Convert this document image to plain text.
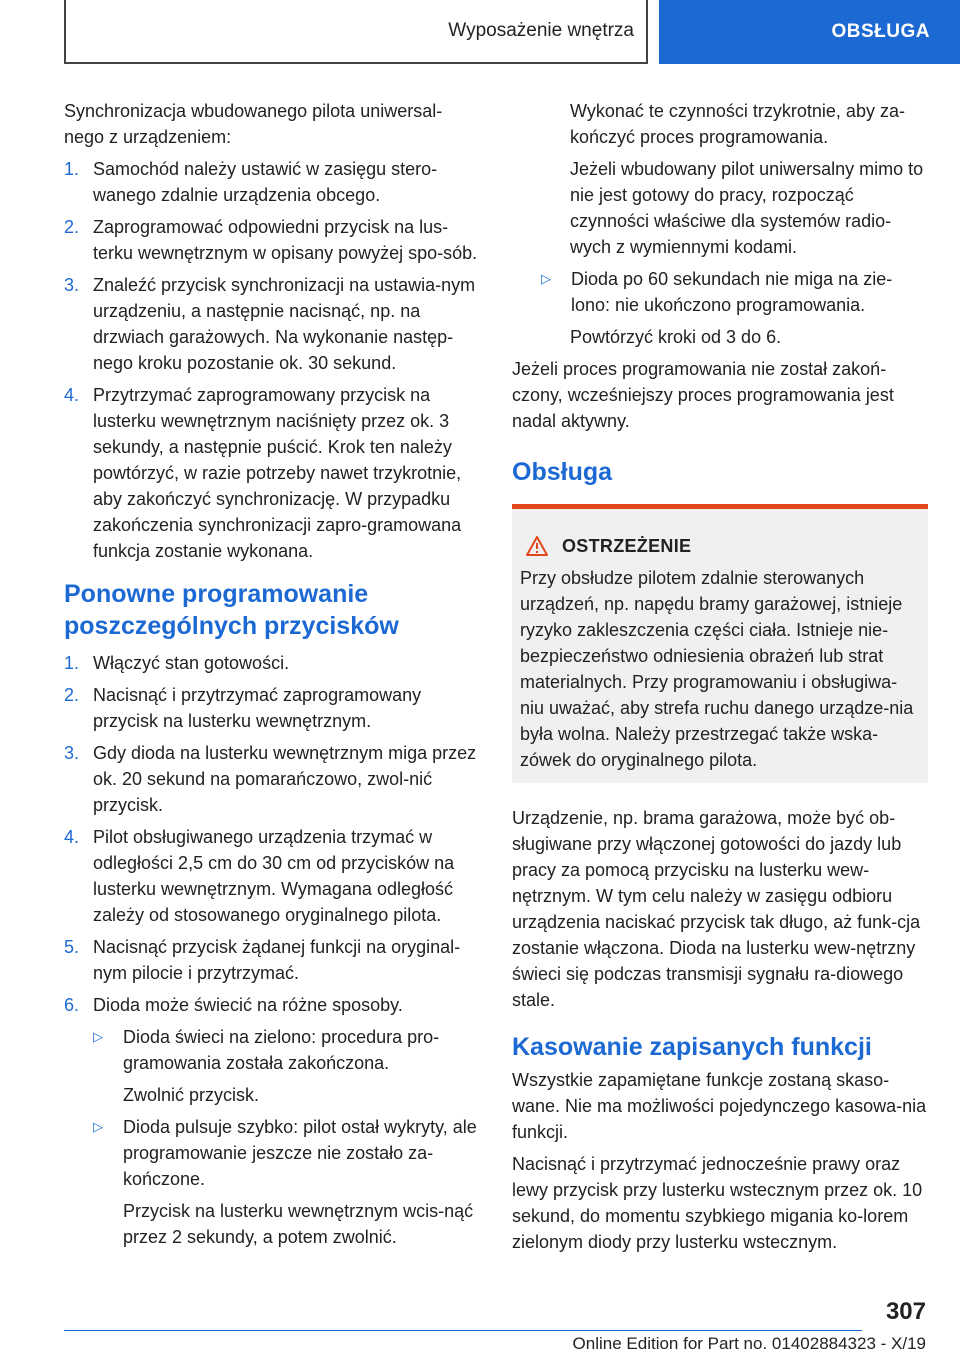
Wyposażenie wnętrza	OBSŁUGA

Synchronizacja wbudowanego pilota uniwersal-nego z urządzeniem:

1. Samochód należy ustawić w zasięgu stero-wanego zdalnie urządzenia obcego.
2. Zaprogramować odpowiedni przycisk na lus-terku wewnętrznym w opisany powyżej spo-sób.
3. Znaleźć przycisk synchronizacji na ustawia-nym urządzeniu, a następnie nacisnąć, np. na drzwiach garażowych. Na wykonanie następ-nego kroku pozostanie ok. 30 sekund.
4. Przytrzymać zaprogramowany przycisk na lusterku wewnętrznym naciśnięty przez ok. 3 sekundy, a następnie puścić. Krok ten należy powtórzyć, w razie potrzeby nawet trzykrotnie, aby zakończyć synchronizację. W przypadku zakończenia synchronizacji zapro-gramowana funkcja zostanie wykonana.
Ponowne programowanie poszczególnych przycisków
1. Włączyć stan gotowości.
2. Nacisnąć i przytrzymać zaprogramowany przycisk na lusterku wewnętrznym.
3. Gdy dioda na lusterku wewnętrznym miga przez ok. 20 sekund na pomarańczowo, zwol-nić przycisk.
4. Pilot obsługiwanego urządzenia trzymać w odległości 2,5 cm do 30 cm od przycisków na lusterku wewnętrznym. Wymagana odległość zależy od stosowanego oryginalnego pilota.
5. Nacisnąć przycisk żądanej funkcji na oryginal-nym pilocie i przytrzymać.
6. Dioda może świecić na różne sposoby.
▷	Dioda świeci na zielono: procedura pro-gramowania została zakończona.

Zwolnić przycisk.

▷	Dioda pulsuje szybko: pilot ostał wykryty, ale programowanie jeszcze nie zostało za-kończone.

Przycisk na lusterku wewnętrznym wcis-nąć przez 2 sekundy, a potem zwolnić.

Wykonać te czynności trzykrotnie, aby za-kończyć proces programowania.

Jeżeli wbudowany pilot uniwersalny mimo to nie jest gotowy do pracy, rozpocząć czynności właściwe dla systemów radio-wych z wymiennymi kodami.

▷	Dioda po 60 sekundach nie miga na zie-lono: nie ukończono programowania.

Powtórzyć kroki od 3 do 6.

Jeżeli proces programowania nie został zakoń-czony, wcześniejszy proces programowania jest nadal aktywny.

Obsługa
OSTRZEŻENIE

Przy obsłudze pilotem zdalnie sterowanych urządzeń, np. napędu bramy garażowej, istnieje ryzyko zakleszczenia części ciała. Istnieje nie-bezpieczeństwo odniesienia obrażeń lub strat materialnych. Przy programowaniu i obsługiwa-niu uważać, aby strefa ruchu danego urządze-nia była wolna. Należy przestrzegać także wska-zówek do oryginalnego pilota.

Urządzenie, np. brama garażowa, może być ob-sługiwane przy włączonej gotowości do jazdy lub pracy za pomocą przycisku na lusterku wew-nętrznym. W tym celu należy w zasięgu odbioru urządzenia naciskać przycisk tak długo, aż funk-cja zostanie włączona. Dioda na lusterku wew-nętrzny świeci się podczas transmisji sygnału ra-diowego stale.

Kasowanie zapisanych funkcji

Wszystkie zapamiętane funkcje zostaną skaso-wane. Nie ma możliwości pojedynczego kasowa-nia funkcji.

Nacisnąć i przytrzymać jednocześnie prawy oraz lewy przycisk przy lusterku wstecznym przez ok. 10 sekund, do momentu szybkiego migania ko-lorem zielonym diody przy lusterku wstecznym.

307
Online Edition for Part no. 01402884323 - X/19
